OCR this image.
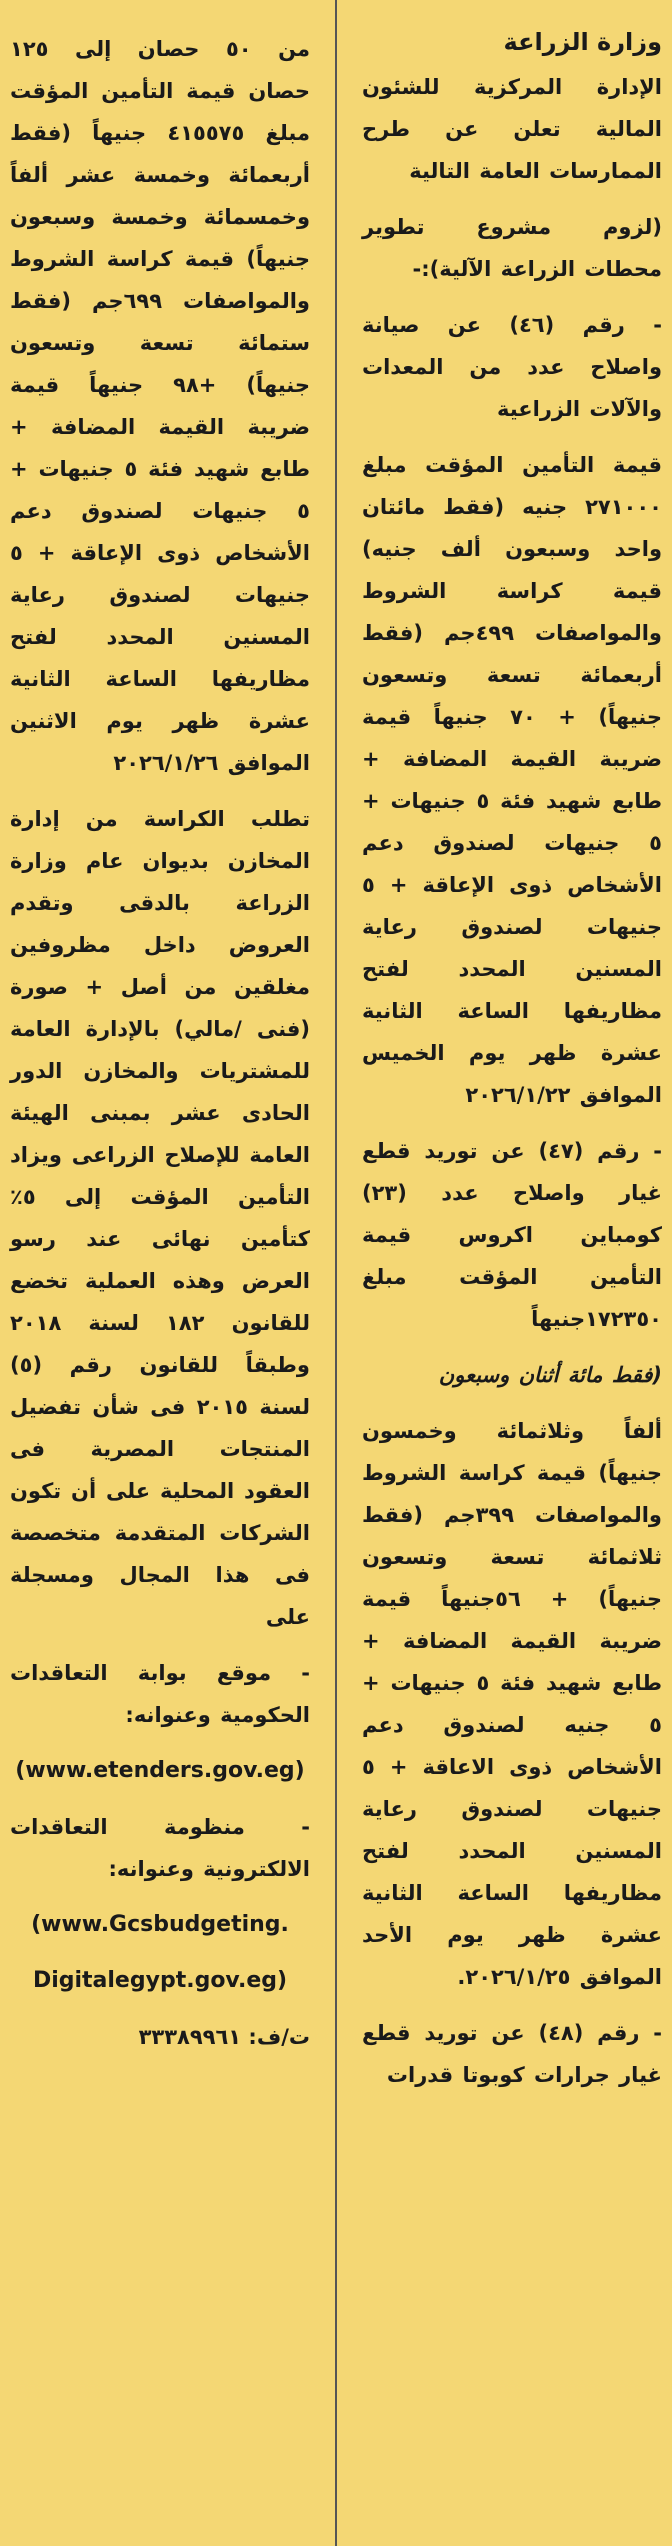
وزارة الزراعة

الإدارة المركزية للشئون المالية تعلن عن طرح الممارسات العامة التالية

(لزوم مشروع تطوير محطات الزراعة الآلية):-

- رقم (٤٦) عن صيانة واصلاح عدد من المعدات والآلات الزراعية

قيمة التأمين المؤقت مبلغ ٢٧١٠٠٠ جنيه (فقط مائتان واحد وسبعون ألف جنيه) قيمة كراسة الشروط والمواصفات ٤٩٩جم (فقط أربعمائة تسعة وتسعون جنيهاً) + ٧٠ جنيهاً قيمة ضريبة القيمة المضافة + طابع شهيد فئة ٥ جنيهات + ٥ جنيهات لصندوق دعم الأشخاص ذوى الإعاقة + ٥ جنيهات لصندوق رعاية المسنين المحدد لفتح مظاريفها الساعة الثانية عشرة ظهر يوم الخميس الموافق ٢٠٢٦/١/٢٢

- رقم (٤٧) عن توريد قطع غيار واصلاح عدد (٢٣) كومباين اكروس قيمة التأمين المؤقت مبلغ ١٧٢٣٥٠جنيهاً

(فقط مائة أثنان وسبعون

ألفاً وثلاثمائة وخمسون جنيهاً) قيمة كراسة الشروط والمواصفات ٣٩٩جم (فقط ثلاثمائة تسعة وتسعون جنيهاً) + ٥٦جنيهاً قيمة ضريبة القيمة المضافة + طابع شهيد فئة ٥ جنيهات + ٥ جنيه لصندوق دعم الأشخاص ذوى الاعاقة + ٥ جنيهات لصندوق رعاية المسنين المحدد لفتح مظاريفها الساعة الثانية عشرة ظهر يوم الأحد الموافق ٢٠٢٦/١/٢٥.

- رقم (٤٨) عن توريد قطع غيار جرارات كوبوتا قدرات

من ٥٠ حصان إلى ١٢٥ حصان قيمة التأمين المؤقت مبلغ ٤١٥٥٧٥ جنيهاً (فقط أربعمائة وخمسة عشر ألفاً وخمسمائة وخمسة وسبعون جنيهاً) قيمة كراسة الشروط والمواصفات ٦٩٩جم (فقط ستمائة تسعة وتسعون جنيهاً) +٩٨ جنيهاً قيمة ضريبة القيمة المضافة + طابع شهيد فئة ٥ جنيهات + ٥ جنيهات لصندوق دعم الأشخاص ذوى الإعاقة + ٥ جنيهات لصندوق رعاية المسنين المحدد لفتح مظاريفها الساعة الثانية عشرة ظهر يوم الاثنين الموافق ٢٠٢٦/١/٢٦

تطلب الكراسة من إدارة المخازن بديوان عام وزارة الزراعة بالدقى وتقدم العروض داخل مظروفين مغلقين من أصل + صورة (فنى /مالي) بالإدارة العامة للمشتريات والمخازن الدور الحادى عشر بمبنى الهيئة العامة للإصلاح الزراعى ويزاد التأمين المؤقت إلى ٥٪ كتأمين نهائى عند رسو العرض وهذه العملية تخضع للقانون ١٨٢ لسنة ٢٠١٨ وطبقاً للقانون رقم (٥) لسنة ٢٠١٥ فى شأن تفضيل المنتجات المصرية فى العقود المحلية على أن تكون الشركات المتقدمة متخصصة فى هذا المجال ومسجلة على

- موقع بوابة التعاقدات الحكومية وعنوانه:

(www.etenders.gov.eg)

- منظومة التعاقدات الالكترونية وعنوانه:

(www.Gcsbudgeting.
Digitalegypt.gov.eg)
ت/ف: ٣٣٣٨٩٩٦١
